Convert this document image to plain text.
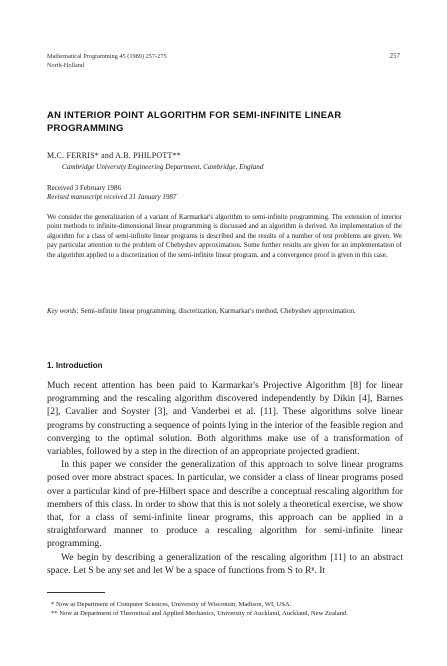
Mathematical Programming 45 (1989) 257-275
North-Holland
257
AN INTERIOR POINT ALGORITHM FOR SEMI-INFINITE LINEAR PROGRAMMING
M.C. FERRIS* and A.B. PHILPOTT**
Cambridge University Engineering Department, Cambridge, England
Received 3 February 1986
Revised manuscript received 31 January 1987
We consider the generalization of a variant of Karmarkar's algorithm to semi-infinite programming. The extension of interior point methods to infinite-dimensional linear programming is discussed and an algorithm is derived. An implementation of the algorithm for a class of semi-infinite linear programs is described and the results of a number of test problems are given. We pay particular attention to the problem of Chebyshev approximation. Some further results are given for an implementation of the algorithm applied to a discretization of the semi-infinite linear program, and a convergence proof is given in this case.
Key words: Semi-infinite linear programming, discretization, Karmarkar's method, Chebyshev approximation.
1. Introduction

Much recent attention has been paid to Karmarkar's Projective Algorithm [8] for linear programming and the rescaling algorithm discovered independently by Dikin [4], Barnes [2], Cavalier and Soyster [3], and Vanderbei et al. [11]. These algorithms solve linear programs by constructing a sequence of points lying in the interior of the feasible region and converging to the optimal solution. Both algorithms make use of a transformation of variables, followed by a step in the direction of an appropriate projected gradient.

In this paper we consider the generalization of this approach to solve linear programs posed over more abstract spaces. In particular, we consider a class of linear programs posed over a particular kind of pre-Hilbert space and describe a conceptual rescaling algorithm for members of this class. In order to show that this is not solely a theoretical exercise, we show that, for a class of semi-infinite linear programs, this approach can be applied in a straightforward manner to produce a rescaling algorithm for semi-infinite linear programming.

We begin by describing a generalization of the rescaling algorithm [11] to an abstract space. Let S be any set and let W be a space of functions from S to Rⁿ. It

* Now at Department of Computer Sciences, University of Wisconsin, Madison, WI, USA.
** Now at Department of Theoretical and Applied Mechanics, University of Auckland, Auckland, New Zealand.
